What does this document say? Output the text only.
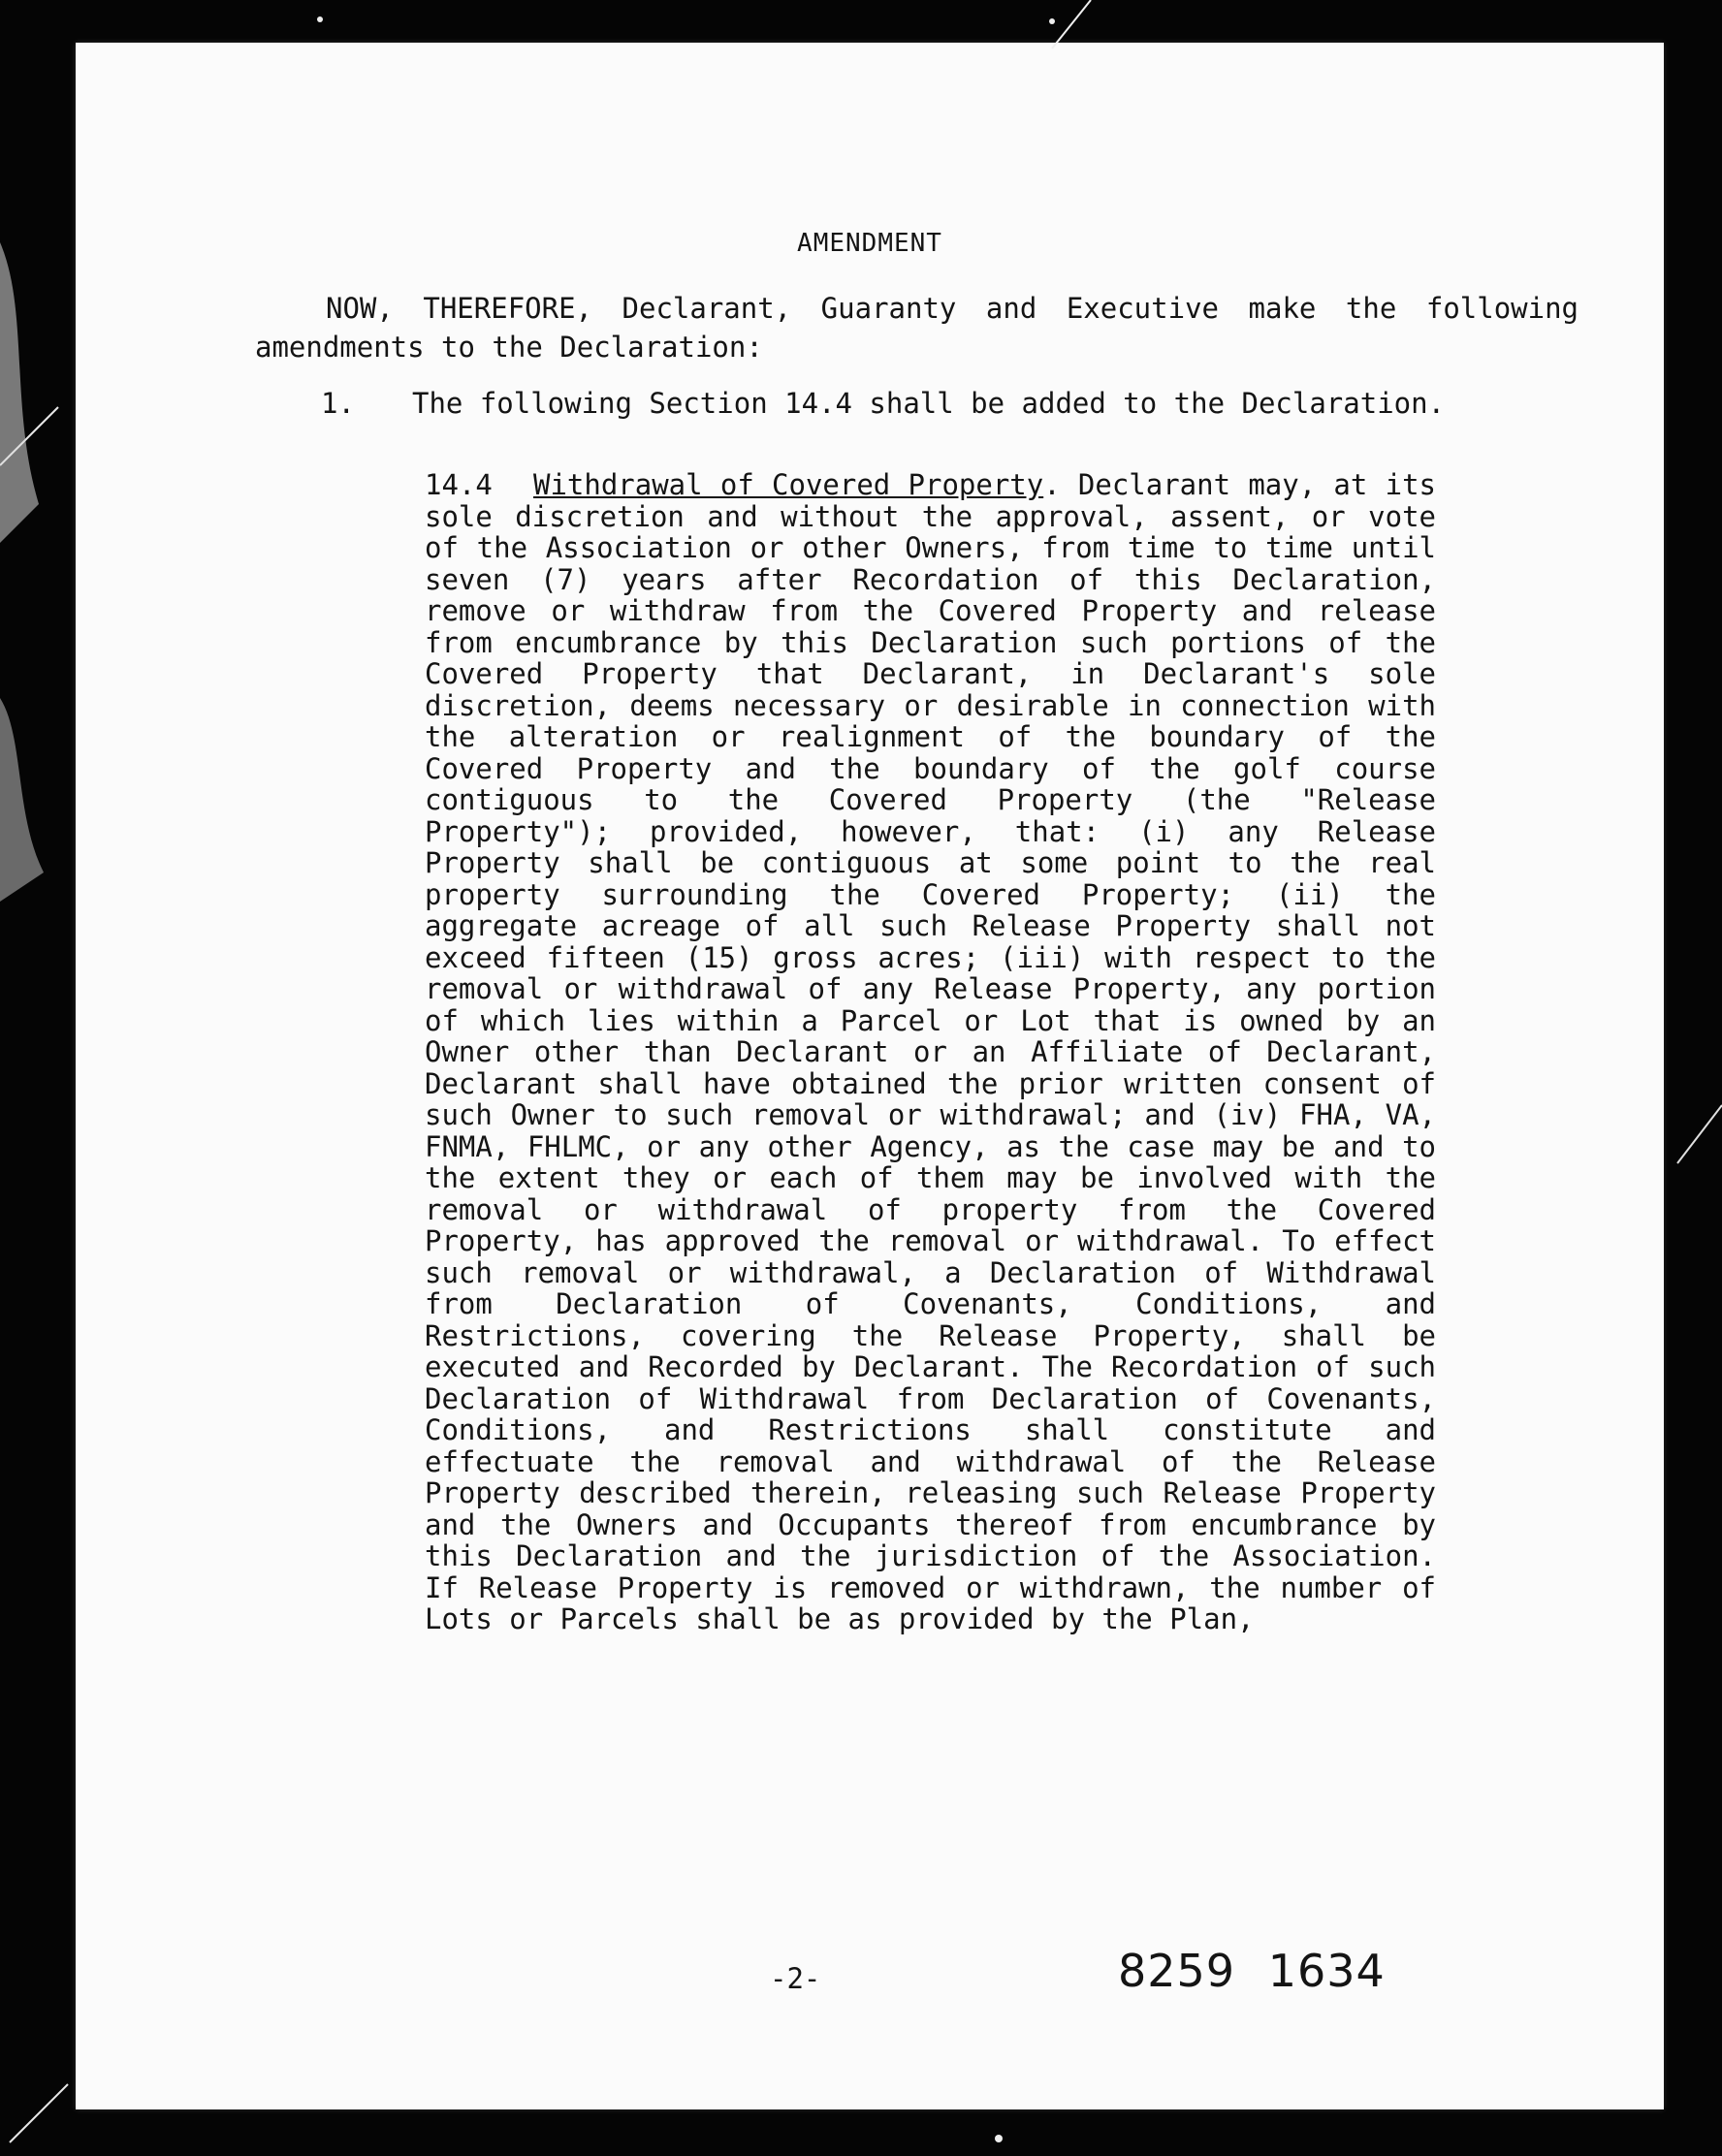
AMENDMENT

NOW, THEREFORE, Declarant, Guaranty and Executive make the following amendments to the Declaration:

1. The following Section 14.4 shall be added to the Declaration.

14.4 Withdrawal of Covered Property. Declarant may, at its sole discretion and without the approval, assent, or vote of the Association or other Owners, from time to time until seven (7) years after Recordation of this Declaration, remove or withdraw from the Covered Property and release from encumbrance by this Declaration such portions of the Covered Property that Declarant, in Declarant's sole discretion, deems necessary or desirable in connection with the alteration or realignment of the boundary of the Covered Property and the boundary of the golf course contiguous to the Covered Property (the "Release Property"); provided, however, that: (i) any Release Property shall be contiguous at some point to the real property surrounding the Covered Property; (ii) the aggregate acreage of all such Release Property shall not exceed fifteen (15) gross acres; (iii) with respect to the removal or withdrawal of any Release Property, any portion of which lies within a Parcel or Lot that is owned by an Owner other than Declarant or an Affiliate of Declarant, Declarant shall have obtained the prior written consent of such Owner to such removal or withdrawal; and (iv) FHA, VA, FNMA, FHLMC, or any other Agency, as the case may be and to the extent they or each of them may be involved with the removal or withdrawal of property from the Covered Property, has approved the removal or withdrawal. To effect such removal or withdrawal, a Declaration of Withdrawal from Declaration of Covenants, Conditions, and Restrictions, covering the Release Property, shall be executed and Recorded by Declarant. The Recordation of such Declaration of Withdrawal from Declaration of Covenants, Conditions, and Restrictions shall constitute and effectuate the removal and withdrawal of the Release Property described therein, releasing such Release Property and the Owners and Occupants thereof from encumbrance by this Declaration and the jurisdiction of the Association. If Release Property is removed or withdrawn, the number of Lots or Parcels shall be as provided by the Plan,

-2-	8259 1634
